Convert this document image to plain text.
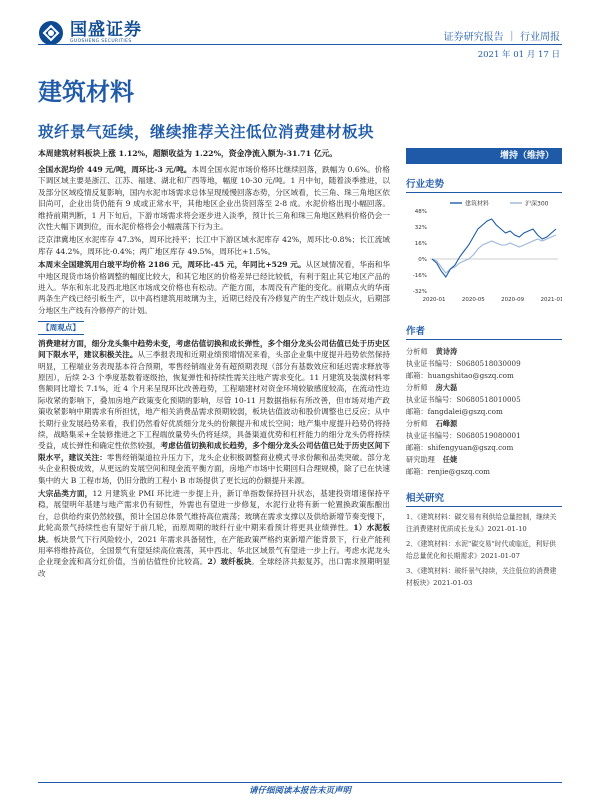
国盛证券
GUOSHENG SECURITIES	证券研究报告 ｜ 行业周报
2021 年 01 月 17 日
建筑材料
玻纤景气延续，继续推荐关注低位消费建材板块

本周建筑材料板块上涨 1.12%，超额收益为 1.22%，资金净流入额为-31.71 亿元。

全国水泥均价 449 元/吨，周环比-3 元/吨。本周全国水泥市场价格环比继续回落，跌幅为 0.6%。价格下调区域主要是浙江、江苏、福建、湖北和广西等地，幅度 10-30 元/吨。1 月中旬，随着淡季推进，以及部分区域疫情反复影响，国内水泥市场需求总体呈现缓慢回落态势，分区域看，长三角、珠三角地区依旧尚可，企业出货仍能有 9 成或正常水平，其他地区企业出货回落至 2-8 成。水泥价格出现小幅回落。维持前期判断，1 月下旬后，下游市场需求将会逐步进入淡季，预计长三角和珠三角地区熟料价格仍会一次性大幅下调到位，而水泥价格将会小幅震荡下行为主。

泛京津冀地区水泥库存 47.3%，周环比持平；长江中下游区域水泥库存 42%，周环比-0.8%；长江流域库存 44.2%，周环比-0.4%；两广地区库存 49.5%，周环比+1.5%。

本周末全国建筑用白玻平均价格 2186 元，周环比-45 元，年同比+529 元。从区域情况看，华南和华中地区现货市场价格调整的幅度比较大，和其它地区的价格差异已经比较低，有利于阻止其它地区产品的进入。华东和东北及西北地区市场成交价格也有松动。产能方面，本周没有产能的变化。前期点火的华南两条生产线已经引板生产，以中高档建筑用玻璃为主，近期已经没有冷修复产的生产线计划点火，后期部分地区生产线有冷修停产的计划。

【周观点】

消费建材方面，细分龙头集中趋势未变，考虑估值切换和成长弹性，多个细分龙头公司估值已处于历史区间下限水平，建议积极关注。从三季报表现和近期业绩预增情况来看，头部企业集中度提升趋势依然保持明显，工程端业务表现基本符合预期，零售经销端业务有超预期表现（部分有基数效应和延迟需求释放等原因），后续 2-3 个季度基数着逐级抬，恢复弹性和持续性需关注地产需求变化。11 月建筑及装潢材料零售额同比增长 7.1%，近 4 个月来呈现环比改善趋势，工程端建材对资金环境较敏感度较高，在流动性边际收紧的影响下，叠加房地产政策变化预期的影响，尽管 10-11 月数据指标有所改善，但市场对地产政策收紧影响中期需求有所担忧，地产相关消费品需求预期较弱，板块估值波动和股价调整也已反应；从中长期行业发展趋势来看，我们仍然看好优质细分龙头的份额提升和成长空间；地产集中度提升趋势仍将持续，战略集采+全装修推进之下工程端放量势头仍将延续，具备渠道优势和杠杆能力的细分龙头仍将持续受益，成长弹性和确定性依然较强，考虑估值切换和成长趋势，多个细分龙头公司估值已处于历史区间下限水平，建议关注：零售经销渠道拉升压力下，龙头企业积极调整商业模式寻求份额和品类突破。部分龙头企业积极成效，从更远的发展空间和现金流平衡方面，房地产市场中长期回归合理规模，除了已在快速集中的大 B 工程市场，仍旧分散的工程小 B 市场提供了更长远的份额提升来源。

大宗品类方面，12 月建筑业 PMI 环比进一步提上升，新订单指数保持回升状态，基建投资增速保持平稳，展望明年基建与地产需求仍有韧性，外需也有望进一步修复，水泥行业将有新一轮置换政策酝酿出台，总供给约束仍然较强，预计全国总体景气维持高位震荡；玻璃在需求支撑以及供给新增节奏变慢下，此轮高景气持续性也有望好于前几轮，而原周期的玻纤行业中期来看预计将更具业绩弹性。1）水泥板块。板块景气下行风险较小，2021 年需求具备韧性，在产能政策严格约束新增产能背景下，行业产能利用率将维持高位，全国景气有望延续高位震荡，其中西北、华北区域景气有望进一步上行。考虑水泥龙头企业现金流和高分红价值，当前估值性价比较高。2）玻纤板块。全球经济共振复苏，出口需求预期明显改

增持（维持）
行业走势
建筑材料	沪深300
48%
32%
16%
0%
-16%
-32%
2020-01	2020-05	2020-09	2021-01
作者
分析师 黄诗涛
执业证书编号：S0680518030009
邮箱：huangshitao@gszq.com
分析师 房大磊
执业证书编号：S0680518010005
邮箱：fangdalei@gszq.com
分析师 石峰源
执业证书编号：S0680519080001
邮箱：shifengyuan@gszq.com
研究助理 任婕
邮箱：renjie@gszq.com
相关研究
1、《建筑材料：碳交易有利供给总量控制，继续关注消费建材优质成长龙头》2021-01-10
2、《建筑材料：水泥"碳交易"时代或临近，利好供给总量优化和长期需求》2021-01-07
3、《建筑材料：玻纤景气持续，关注低位的消费建材板块》2021-01-03
请仔细阅读本报告末页声明
